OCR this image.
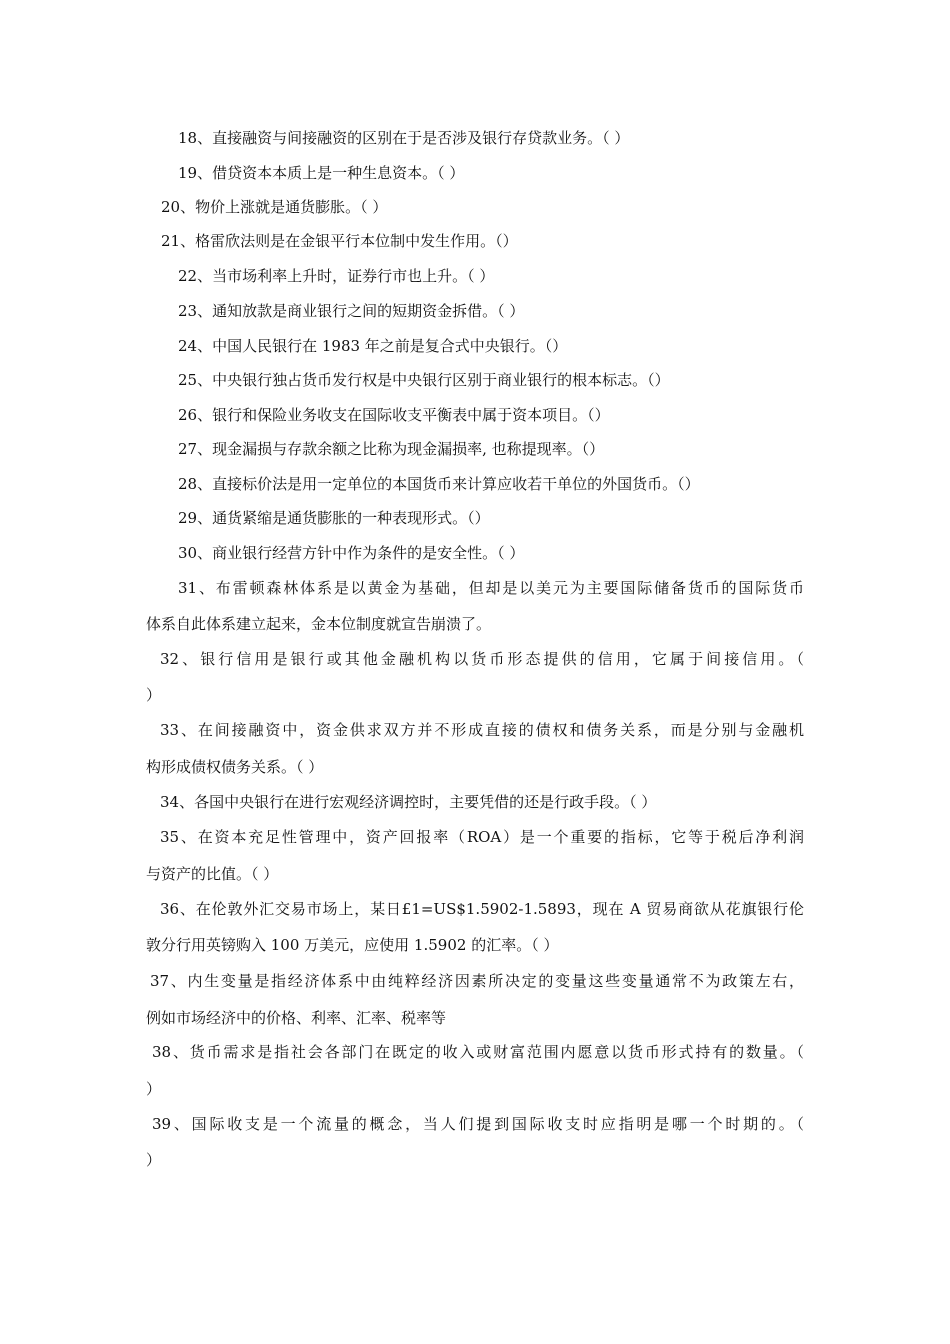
18、直接融资与间接融资的区别在于是否涉及银行存贷款业务。（ ）

19、借贷资本本质上是一种生息资本。（ ）

20、物价上涨就是通货膨胀。（ ）

21、格雷欣法则是在金银平行本位制中发生作用。（）

22、当市场利率上升时，证券行市也上升。（ ）

23、通知放款是商业银行之间的短期资金拆借。（ ）

24、中国人民银行在 1983 年之前是复合式中央银行。（）

25、中央银行独占货币发行权是中央银行区别于商业银行的根本标志。（）

26、银行和保险业务收支在国际收支平衡表中属于资本项目。（）

27、现金漏损与存款余额之比称为现金漏损率, 也称提现率。（）

28、直接标价法是用一定单位的本国货币来计算应收若干单位的外国货币。（）

29、通货紧缩是通货膨胀的一种表现形式。（）

30、商业银行经营方针中作为条件的是安全性。（ ）

31、布雷顿森林体系是以黄金为基础，但却是以美元为主要国际储备货币的国际货币

体系自此体系建立起来，金本位制度就宣告崩溃了。

32、银行信用是银行或其他金融机构以货币形态提供的信用，它属于间接信用。（

）

33、在间接融资中，资金供求双方并不形成直接的债权和债务关系，而是分别与金融机

构形成债权债务关系。（ ）

34、各国中央银行在进行宏观经济调控时，主要凭借的还是行政手段。（ ）

35、在资本充足性管理中，资产回报率（ROA）是一个重要的指标，它等于税后净利润

与资产的比值。（ ）

36、在伦敦外汇交易市场上，某日£1=US$1.5902-1.5893，现在 A 贸易商欲从花旗银行伦

敦分行用英镑购入 100 万美元，应使用 1.5902 的汇率。（ ）

37、内生变量是指经济体系中由纯粹经济因素所决定的变量这些变量通常不为政策左右，

例如市场经济中的价格、利率、汇率、税率等

38、货币需求是指社会各部门在既定的收入或财富范围内愿意以货币形式持有的数量。（

）

39、国际收支是一个流量的概念，当人们提到国际收支时应指明是哪一个时期的。（

）
